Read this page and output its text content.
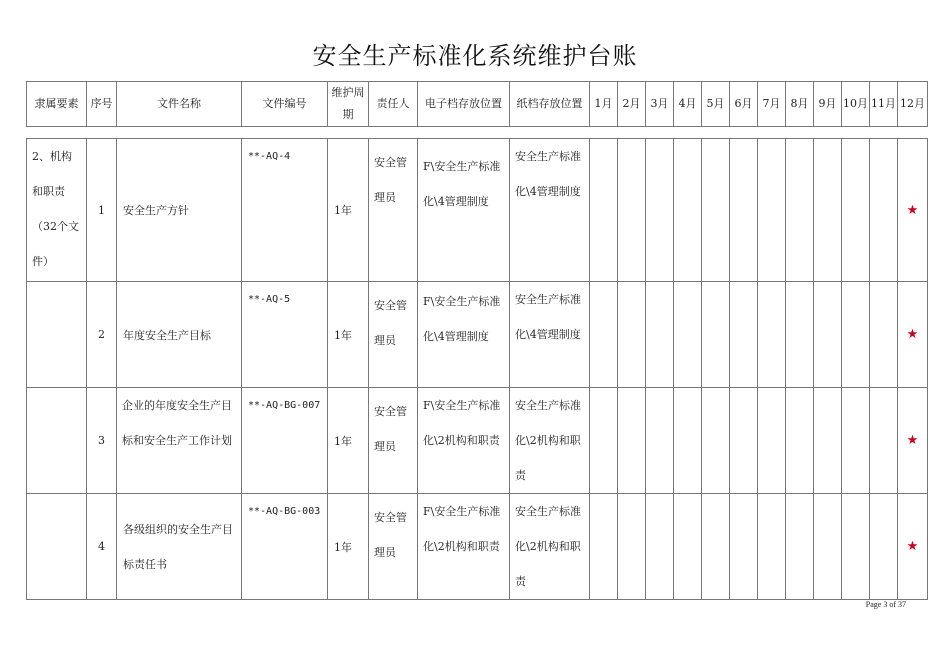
安全生产标准化系统维护台账
隶属要素	序号	文件名称	文件编号	维护周期	责任人	电子档存放位置	纸档存放位置	1月	2月	3月	4月	5月	6月	7月	8月	9月	10月	11月	12月
2、机构和职责（32个文件）	1	安全生产方针	**-AQ-4	1年	安全管理员	F\安全生产标准化\4管理制度	安全生产标准化\4管理制度												★
	2	年度安全生产目标	**-AQ-5	1年	安全管理员	F\安全生产标准化\4管理制度	安全生产标准化\4管理制度												★
	3	企业的年度安全生产目标和安全生产工作计划	**-AQ-BG-007	1年	安全管理员	F\安全生产标准化\2机构和职责	安全生产标准化\2机构和职责												★
	4	各级组织的安全生产目标责任书	**-AQ-BG-003	1年	安全管理员	F\安全生产标准化\2机构和职责	安全生产标准化\2机构和职责												★
Page 3 of 37
